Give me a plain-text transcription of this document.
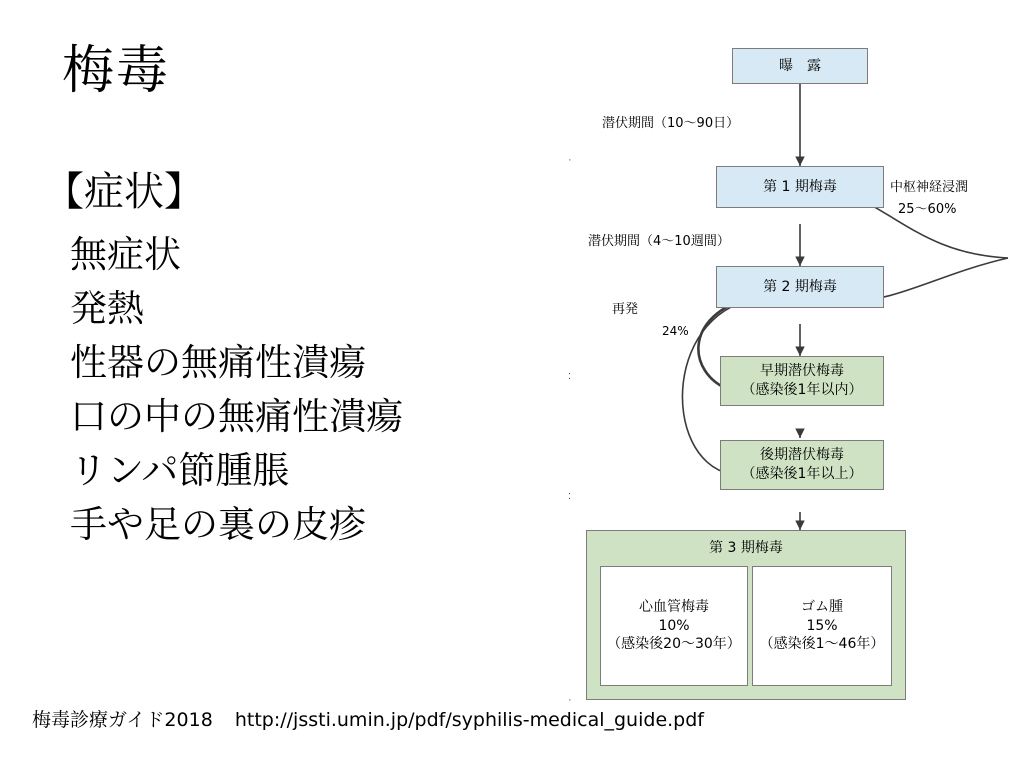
梅毒
【症状】
無症状
発熱
性器の無痛性潰瘍
口の中の無痛性潰瘍
リンパ節腫脹
手や足の裏の皮疹
梅毒診療ガイド2018 http://jssti.umin.jp/pdf/syphilis-medical_guide.pdf
·
:
:
·
曝　露
第 1 期梅毒
第 2 期梅毒
早期潜伏梅毒
（感染後1年以内）
後期潜伏梅毒
（感染後1年以上）
第 3 期梅毒
心血管梅毒
10%
（感染後20〜30年）
ゴム腫
15%
（感染後1〜46年）
潜伏期間（10〜90日）
潜伏期間（4〜10週間）
再発
24%
中枢神経浸潤
25〜60%
